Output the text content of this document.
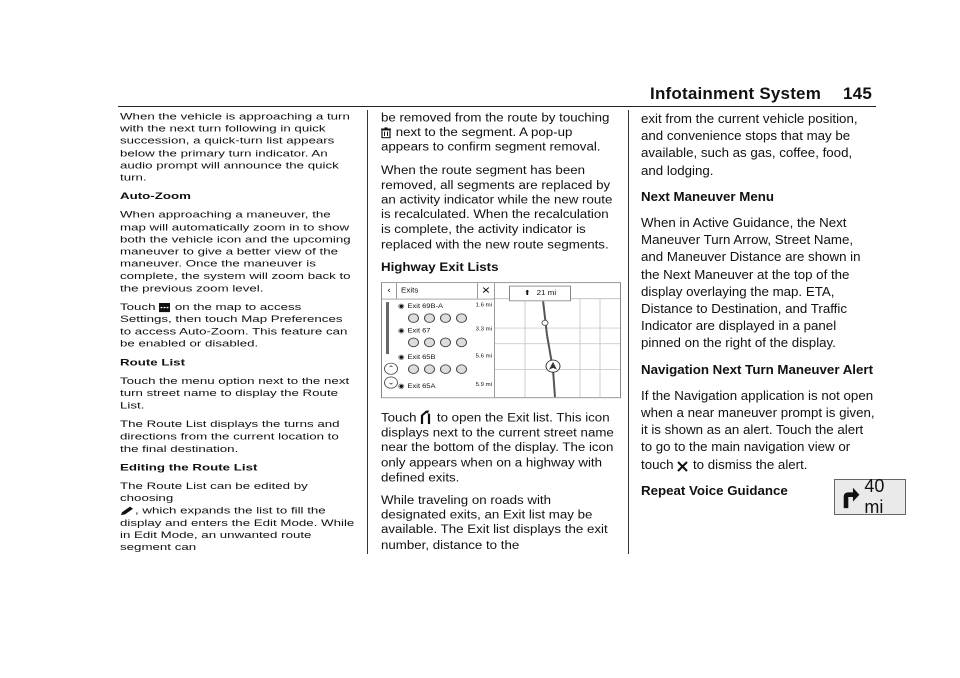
Infotainment System 145

When the vehicle is approaching a turn with the next turn following in quick succession, a quick-turn list appears below the primary turn indicator. An audio prompt will announce the quick turn.

Auto-Zoom

When approaching a maneuver, the map will automatically zoom in to show both the vehicle icon and the upcoming maneuver to give a better view of the maneuver. Once the maneuver is complete, the system will zoom back to the previous zoom level.

Touch on the map to access Settings, then touch Map Preferences to access Auto-Zoom. This feature can be enabled or disabled.

Route List

Touch the menu option next to the next turn street name to display the Route List.

The Route List displays the turns and directions from the current location to the final destination.

Editing the Route List

The Route List can be edited by choosing
, which expands the list to fill the display and enters the Edit Mode. While in Edit Mode, an unwanted route segment can

be removed from the route by touching  next to the segment. A pop-up appears to confirm segment removal.

When the route segment has been removed, all segments are replaced by an activity indicator while the new route is recalculated. When the recalculation is complete, the activity indicator is replaced with the new route segments.

Highway Exit Lists

‹	Exits	✕
⌃
⌄
◉ Exit 69B-A	1.6 mi
◉ Exit 67	3.3 mi
◉ Exit 65B	5.6 mi
◉ Exit 65A	5.9 mi
⬆ 21 mi

Touch to open the Exit list. This icon displays next to the current street name near the bottom of the display. The icon only appears when on a highway with defined exits.

While traveling on roads with designated exits, an Exit list may be available. The Exit list displays the exit number, distance to the

exit from the current vehicle position, and convenience stops that may be available, such as gas, coffee, food, and lodging.

Next Maneuver Menu

When in Active Guidance, the Next Maneuver Turn Arrow, Street Name, and Maneuver Distance are shown in the Next Maneuver at the top of the display overlaying the map. ETA, Distance to Destination, and Traffic Indicator are displayed in a panel pinned on the right of the display.

Navigation Next Turn Maneuver Alert

If the Navigation application is not open when a near maneuver prompt is given, it is shown as an alert. Touch the alert to go to the main navigation view or touch to dismiss the alert.

Repeat Voice Guidance	40 mi
